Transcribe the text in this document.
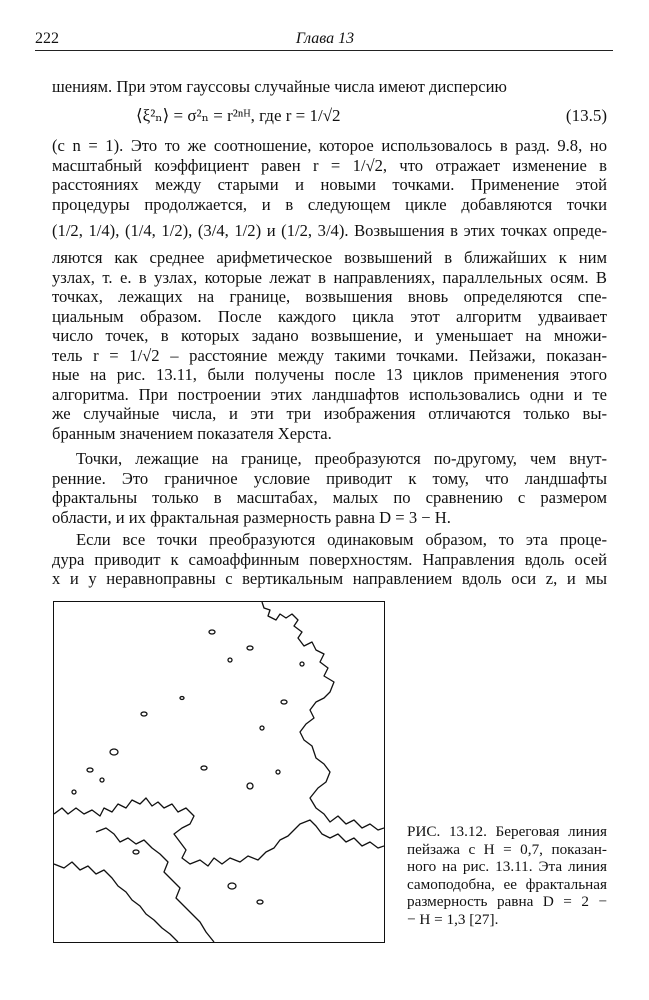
222	Глава 13
шениям. При этом гауссовы случайные числа имеют дисперсию
⟨ξ²ₙ⟩ = σ²ₙ = r²ⁿᴴ, где r = 1/√2	(13.5)
(с n = 1). Это то же соотношение, которое использовалось в разд. 9.8, но
масштабный коэффициент равен r = 1/√2, что отражает изменение в
расстояниях между старыми и новыми точками. Применение этой
процедуры продолжается, и в следующем цикле добавляются точки
(1/2, 1/4), (1/4, 1/2), (3/4, 1/2) и (1/2, 3/4). Возвышения в этих точках опреде-
ляются как среднее арифметическое возвышений в ближайших к ним
узлах, т. е. в узлах, которые лежат в направлениях, параллельных осям. В
точках, лежащих на границе, возвышения вновь определяются спе-
циальным образом. После каждого цикла этот алгоритм удваивает
число точек, в которых задано возвышение, и уменьшает на множи-
тель r = 1/√2 – расстояние между такими точками. Пейзажи, показан-
ные на рис. 13.11, были получены после 13 циклов применения этого
алгоритма. При построении этих ландшафтов использовались одни и те
же случайные числа, и эти три изображения отличаются только вы-
бранным значением показателя Херста.
Точки, лежащие на границе, преобразуются по-другому, чем внут-
ренние. Это граничное условие приводит к тому, что ландшафты
фрактальны только в масштабах, малых по сравнению с размером
области, и их фрактальная размерность равна D = 3 − H.
Если все точки преобразуются одинаковым образом, то эта проце-
дура приводит к самоаффинным поверхностям. Направления вдоль осей
x и y неравноправны с вертикальным направлением вдоль оси z, и мы
РИС. 13.12. Береговая линия
пейзажа с H = 0,7, показан-
ного на рис. 13.11. Эта линия
самоподобна, ее фрактальная
размерность равна D = 2 −
− H = 1,3 [27].
